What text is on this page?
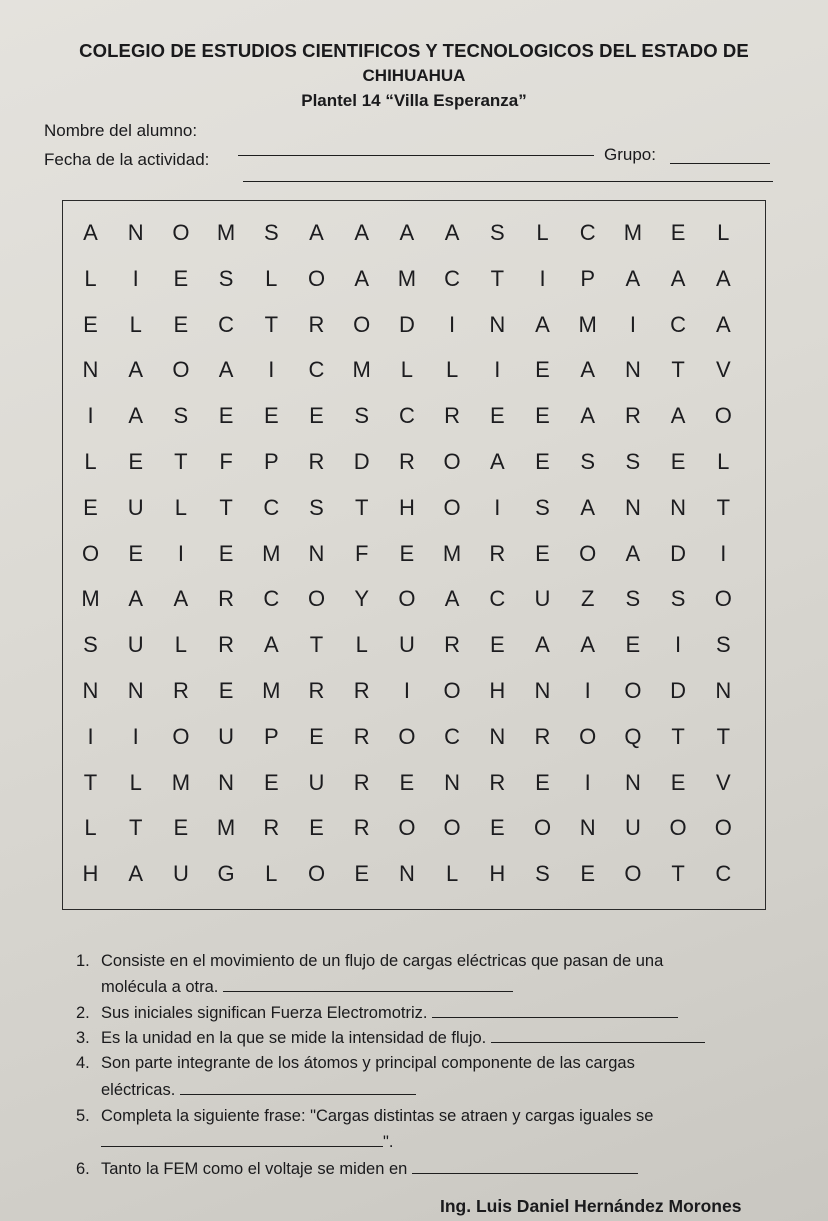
COLEGIO DE ESTUDIOS CIENTIFICOS Y TECNOLOGICOS DEL ESTADO DE
CHIHUAHUA
Plantel 14 “Villa Esperanza”
Nombre del alumno:
Grupo:
Fecha de la actividad:
A	N	O	M	S	A	A	A	A	S	L	C	M	E	L
L	I	E	S	L	O	A	M	C	T	I	P	A	A	A
E	L	E	C	T	R	O	D	I	N	A	M	I	C	A
N	A	O	A	I	C	M	L	L	I	E	A	N	T	V
I	A	S	E	E	E	S	C	R	E	E	A	R	A	O
L	E	T	F	P	R	D	R	O	A	E	S	S	E	L
E	U	L	T	C	S	T	H	O	I	S	A	N	N	T
O	E	I	E	M	N	F	E	M	R	E	O	A	D	I
M	A	A	R	C	O	Y	O	A	C	U	Z	S	S	O
S	U	L	R	A	T	L	U	R	E	A	A	E	I	S
N	N	R	E	M	R	R	I	O	H	N	I	O	D	N
I	I	O	U	P	E	R	O	C	N	R	O	Q	T	T
T	L	M	N	E	U	R	E	N	R	E	I	N	E	V
L	T	E	M	R	E	R	O	O	E	O	N	U	O	O
H	A	U	G	L	O	E	N	L	H	S	E	O	T	C
1. Consiste en el movimiento de un flujo de cargas eléctricas que pasan de una
molécula a otra.
2. Sus iniciales significan Fuerza Electromotriz.
3. Es la unidad en la que se mide la intensidad de flujo.
4. Son parte integrante de los átomos y principal componente de las cargas
eléctricas.
5. Completa la siguiente frase: "Cargas distintas se atraen y cargas iguales se
".
6. Tanto la FEM como el voltaje se miden en
Ing. Luis Daniel Hernández Morones
